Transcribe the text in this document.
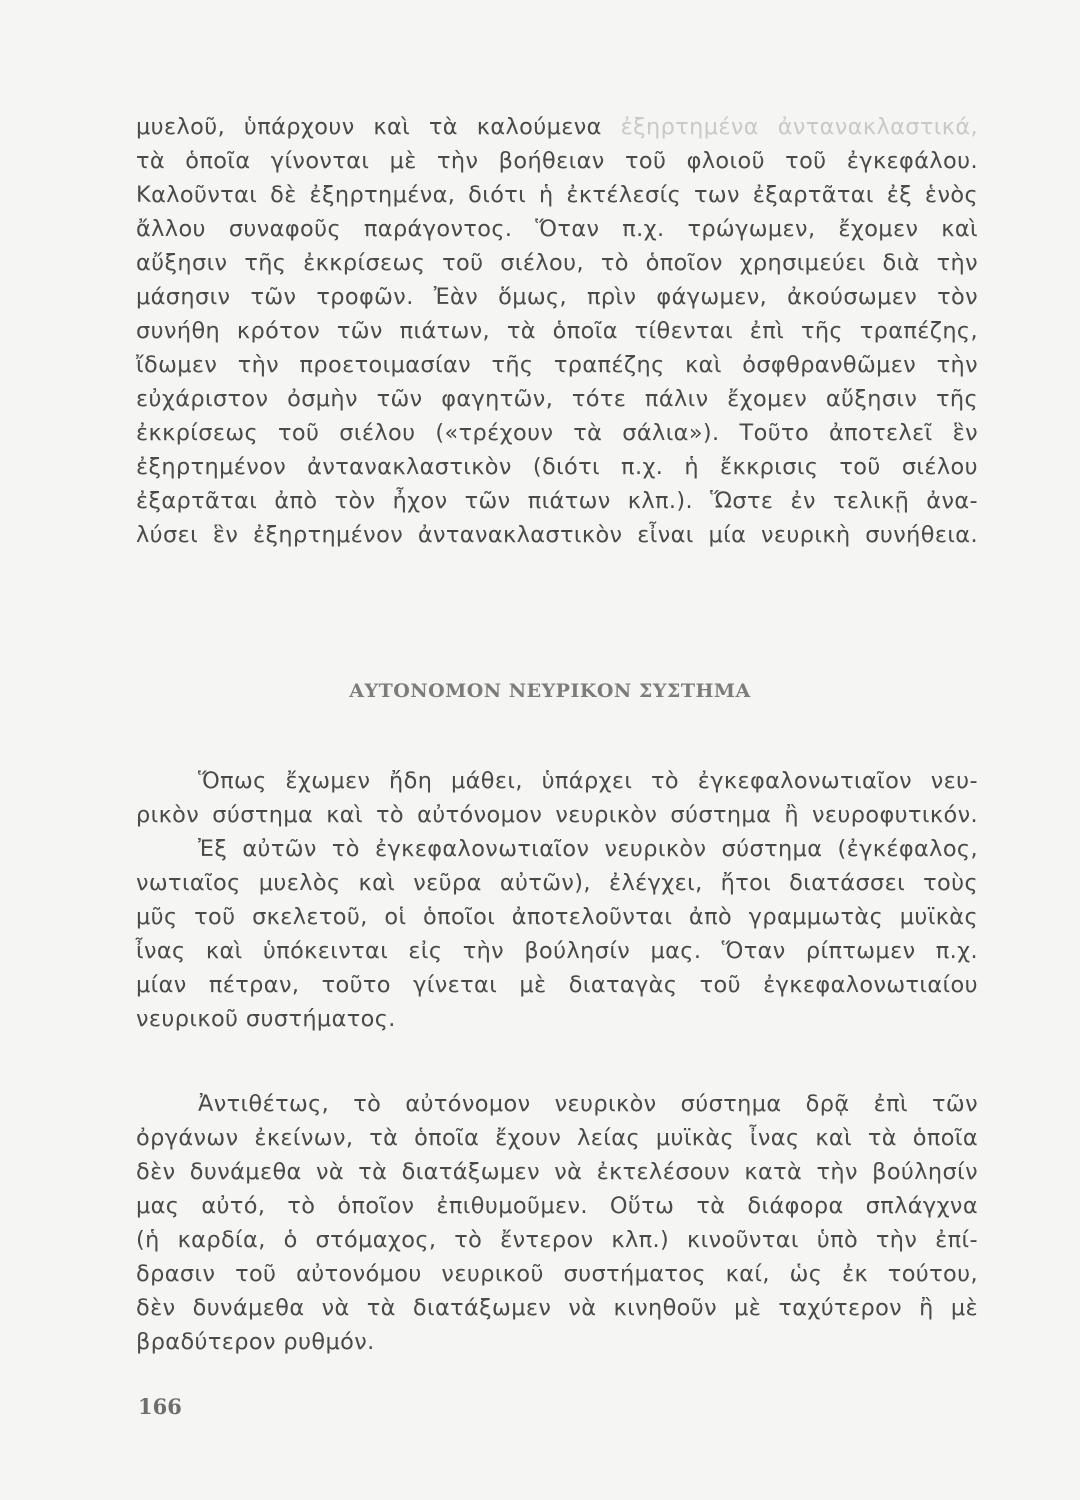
μυελοῦ, ὑπάρχουν καὶ τὰ καλούμενα ἐξηρτημένα ἀντανακλαστικά,

τὰ ὁποῖα γίνονται μὲ τὴν βοήθειαν τοῦ φλοιοῦ τοῦ ἐγκεφάλου.

Καλοῦνται δὲ ἐξηρτημένα, διότι ἡ ἐκτέλεσίς των ἐξαρτᾶται ἐξ ἑνὸς

ἄλλου συναφοῦς παράγοντος. Ὅταν π.χ. τρώγωμεν, ἔχομεν καὶ

αὔξησιν τῆς ἐκκρίσεως τοῦ σιέλου, τὸ ὁποῖον χρησιμεύει διὰ τὴν

μάσησιν τῶν τροφῶν. Ἐὰν ὅμως, πρὶν φάγωμεν, ἀκούσωμεν τὸν

συνήθη κρότον τῶν πιάτων, τὰ ὁποῖα τίθενται ἐπὶ τῆς τραπέζης,

ἴδωμεν τὴν προετοιμασίαν τῆς τραπέζης καὶ ὀσφθρανθῶμεν τὴν

εὐχάριστον ὀσμὴν τῶν φαγητῶν, τότε πάλιν ἔχομεν αὔξησιν τῆς

ἐκκρίσεως τοῦ σιέλου («τρέχουν τὰ σάλια»). Τοῦτο ἀποτελεῖ ἓν

ἐξηρτημένον ἀντανακλαστικὸν (διότι π.χ. ἡ ἔκκρισις τοῦ σιέλου

ἐξαρτᾶται ἀπὸ τὸν ἦχον τῶν πιάτων κλπ.). Ὥστε ἐν τελικῇ ἀνα-

λύσει ἓν ἐξηρτημένον ἀντανακλαστικὸν εἶναι μία νευρικὴ συνήθεια.

ΑΥΤΟΝΟΜΟΝ ΝΕΥΡΙΚΟΝ ΣΥΣΤΗΜΑ

Ὅπως ἔχωμεν ἤδη μάθει, ὑπάρχει τὸ ἐγκεφαλονωτιαῖον νευ-

ρικὸν σύστημα καὶ τὸ αὐτόνομον νευρικὸν σύστημα ἢ νευροφυτικόν.

Ἐξ αὐτῶν τὸ ἐγκεφαλονωτιαῖον νευρικὸν σύστημα (ἐγκέφαλος,

νωτιαῖος μυελὸς καὶ νεῦρα αὐτῶν), ἐλέγχει, ἤτοι διατάσσει τοὺς

μῦς τοῦ σκελετοῦ, οἱ ὁποῖοι ἀποτελοῦνται ἀπὸ γραμμωτὰς μυϊκὰς

ἶνας καὶ ὑπόκεινται εἰς τὴν βούλησίν μας. Ὅταν ρίπτωμεν π.χ.

μίαν πέτραν, τοῦτο γίνεται μὲ διαταγὰς τοῦ ἐγκεφαλονωτιαίου

νευρικοῦ συστήματος.

Ἀντιθέτως, τὸ αὐτόνομον νευρικὸν σύστημα δρᾷ ἐπὶ τῶν

ὀργάνων ἐκείνων, τὰ ὁποῖα ἔχουν λείας μυϊκὰς ἶνας καὶ τὰ ὁποῖα

δὲν δυνάμεθα νὰ τὰ διατάξωμεν νὰ ἐκτελέσουν κατὰ τὴν βούλησίν

μας αὐτό, τὸ ὁποῖον ἐπιθυμοῦμεν. Οὕτω τὰ διάφορα σπλάγχνα

(ἡ καρδία, ὁ στόμαχος, τὸ ἔντερον κλπ.) κινοῦνται ὑπὸ τὴν ἐπί-

δρασιν τοῦ αὐτονόμου νευρικοῦ συστήματος καί, ὡς ἐκ τούτου,

δὲν δυνάμεθα νὰ τὰ διατάξωμεν νὰ κινηθοῦν μὲ ταχύτερον ἢ μὲ

βραδύτερον ρυθμόν.

166
